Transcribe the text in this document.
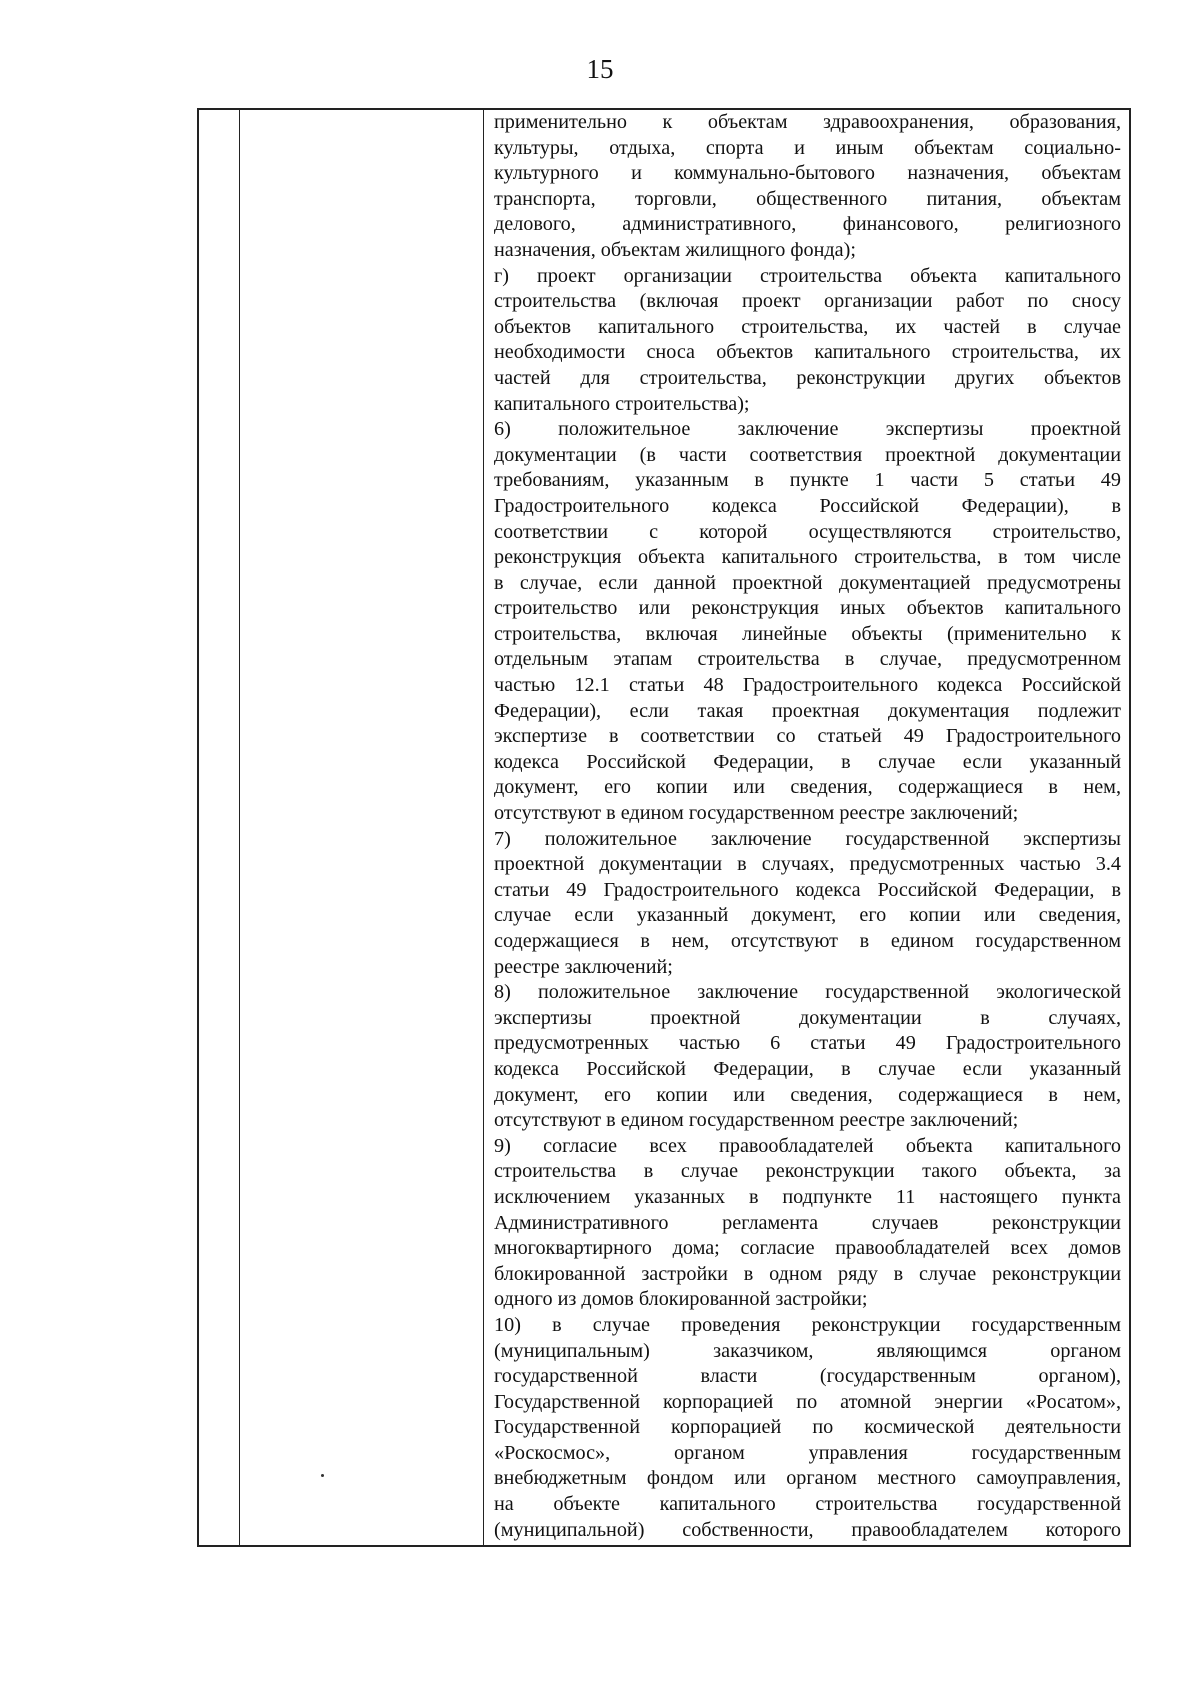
15
применительно к объектам здравоохранения, образования,
культуры, отдыха, спорта и иным объектам социально-
культурного и коммунально-бытового назначения, объектам
транспорта, торговли, общественного питания, объектам
делового, административного, финансового, религиозного
назначения, объектам жилищного фонда);
г) проект организации строительства объекта капитального
строительства (включая проект организации работ по сносу
объектов капитального строительства, их частей в случае
необходимости сноса объектов капитального строительства, их
частей для строительства, реконструкции других объектов
капитального строительства);
6) положительное заключение экспертизы проектной
документации (в части соответствия проектной документации
требованиям, указанным в пункте 1 части 5 статьи 49
Градостроительного кодекса Российской Федерации), в
соответствии с которой осуществляются строительство,
реконструкция объекта капитального строительства, в том числе
в случае, если данной проектной документацией предусмотрены
строительство или реконструкция иных объектов капитального
строительства, включая линейные объекты (применительно к
отдельным этапам строительства в случае, предусмотренном
частью 12.1 статьи 48 Градостроительного кодекса Российской
Федерации), если такая проектная документация подлежит
экспертизе в соответствии со статьей 49 Градостроительного
кодекса Российской Федерации, в случае если указанный
документ, его копии или сведения, содержащиеся в нем,
отсутствуют в едином государственном реестре заключений;
7) положительное заключение государственной экспертизы
проектной документации в случаях, предусмотренных частью 3.4
статьи 49 Градостроительного кодекса Российской Федерации, в
случае если указанный документ, его копии или сведения,
содержащиеся в нем, отсутствуют в едином государственном
реестре заключений;
8) положительное заключение государственной экологической
экспертизы проектной документации в случаях,
предусмотренных частью 6 статьи 49 Градостроительного
кодекса Российской Федерации, в случае если указанный
документ, его копии или сведения, содержащиеся в нем,
отсутствуют в едином государственном реестре заключений;
9) согласие всех правообладателей объекта капитального
строительства в случае реконструкции такого объекта, за
исключением указанных в подпункте 11 настоящего пункта
Административного регламента случаев реконструкции
многоквартирного дома; согласие правообладателей всех домов
блокированной застройки в одном ряду в случае реконструкции
одного из домов блокированной застройки;
10) в случае проведения реконструкции государственным
(муниципальным) заказчиком, являющимся органом
государственной власти (государственным органом),
Государственной корпорацией по атомной энергии «Росатом»,
Государственной корпорацией по космической деятельности
«Роскосмос», органом управления государственным
внебюджетным фондом или органом местного самоуправления,
на объекте капитального строительства государственной
(муниципальной) собственности, правообладателем которого
